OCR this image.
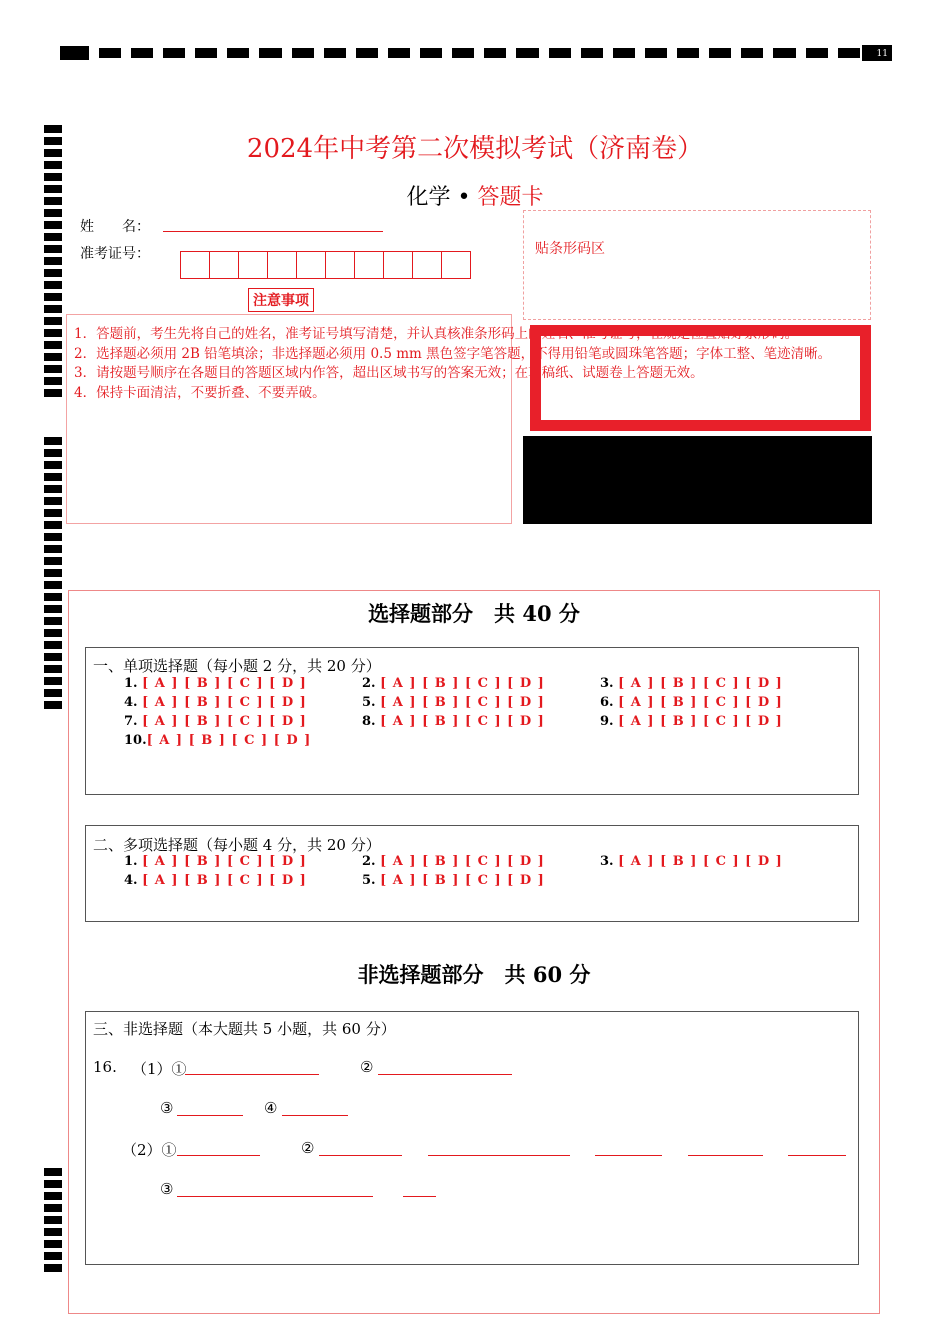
11
2024年中考第二次模拟考试（济南卷）
化学 • 答题卡
姓　　名：
准考证号：	贴条形码区
注意事项
1．答题前，考生先将自己的姓名，准考证号填写清楚，并认真核准条形码上的姓名、准考证号，在规定位置贴好条形码。
2．选择题必须用 2B 铅笔填涂；非选择题必须用 0.5 mm 黑色签字笔答题，不得用铅笔或圆珠笔答题；字体工整、笔迹清晰。
3．请按题号顺序在各题目的答题区域内作答，超出区域书写的答案无效；在草稿纸、试题卷上答题无效。
4．保持卡面清洁，不要折叠、不要弄破。
选择题部分　共 40 分
一、单项选择题（每小题 2 分，共 20 分）
1. [ A ] [ B ] [ C ] [ D ]	2. [ A ] [ B ] [ C ] [ D ]	3. [ A ] [ B ] [ C ] [ D ]
4. [ A ] [ B ] [ C ] [ D ]	5. [ A ] [ B ] [ C ] [ D ]	6. [ A ] [ B ] [ C ] [ D ]
7. [ A ] [ B ] [ C ] [ D ]	8. [ A ] [ B ] [ C ] [ D ]	9. [ A ] [ B ] [ C ] [ D ]
10.[ A ] [ B ] [ C ] [ D ]
二、多项选择题（每小题 4 分，共 20 分）
1. [ A ] [ B ] [ C ] [ D ]	2. [ A ] [ B ] [ C ] [ D ]	3. [ A ] [ B ] [ C ] [ D ]
4. [ A ] [ B ] [ C ] [ D ]	5. [ A ] [ B ] [ C ] [ D ]
非选择题部分　共 60 分
三、非选择题（本大题共 5 小题，共 60 分）
16. （1）①	②
③	④
（2）①	②
③
